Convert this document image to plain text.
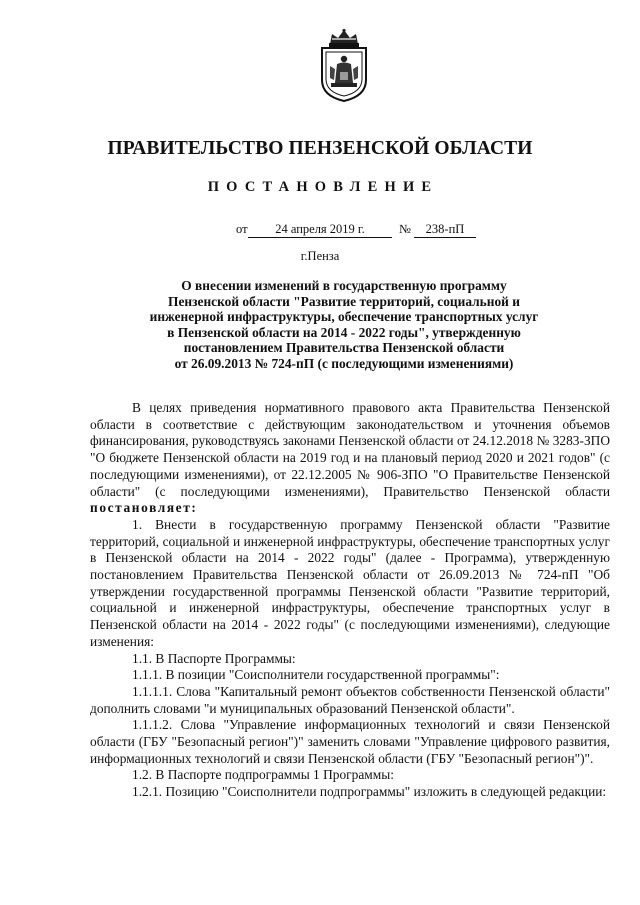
ПРАВИТЕЛЬСТВО ПЕНЗЕНСКОЙ ОБЛАСТИ
ПОСТАНОВЛЕНИЕ
от	24 апреля 2019 г.	№	238-пП
г.Пенза
О внесении изменений в государственную программу
Пензенской области "Развитие территорий, социальной и
инженерной инфраструктуры, обеспечение транспортных услуг
в Пензенской области на 2014 - 2022 годы", утвержденную
постановлением Правительства Пензенской области
от 26.09.2013 № 724-пП (с последующими изменениями)

В целях приведения нормативного правового акта Правительства Пензенской области в соответствие с действующим законодательством и уточнения объемов финансирования, руководствуясь законами Пензенской области от 24.12.2018 № 3283-ЗПО "О бюджете Пензенской области на 2019 год и на плановый период 2020 и 2021 годов" (с последующими изменениями), от 22.12.2005 № 906-ЗПО "О Правительстве Пензенской области" (с последующими изменениями), Правительство Пензенской области постановляет:

1. Внести в государственную программу Пензенской области "Развитие территорий, социальной и инженерной инфраструктуры, обеспечение транспортных услуг в Пензенской области на 2014 - 2022 годы" (далее - Программа), утвержденную постановлением Правительства Пензенской области от 26.09.2013 № 724-пП "Об утверждении государственной программы Пензенской области "Развитие территорий, социальной и инженерной инфраструктуры, обеспечение транспортных услуг в Пензенской области на 2014 - 2022 годы" (с последующими изменениями), следующие изменения:

1.1. В Паспорте Программы:

1.1.1. В позиции "Соисполнители государственной программы":

1.1.1.1. Слова "Капитальный ремонт объектов собственности Пензенской области" дополнить словами "и муниципальных образований Пензенской области".

1.1.1.2. Слова "Управление информационных технологий и связи Пензенской области (ГБУ "Безопасный регион")" заменить словами "Управление цифрового развития, информационных технологий и связи Пензенской области (ГБУ "Безопасный регион")".

1.2. В Паспорте подпрограммы 1 Программы:

1.2.1. Позицию "Соисполнители подпрограммы" изложить в следующей редакции:
